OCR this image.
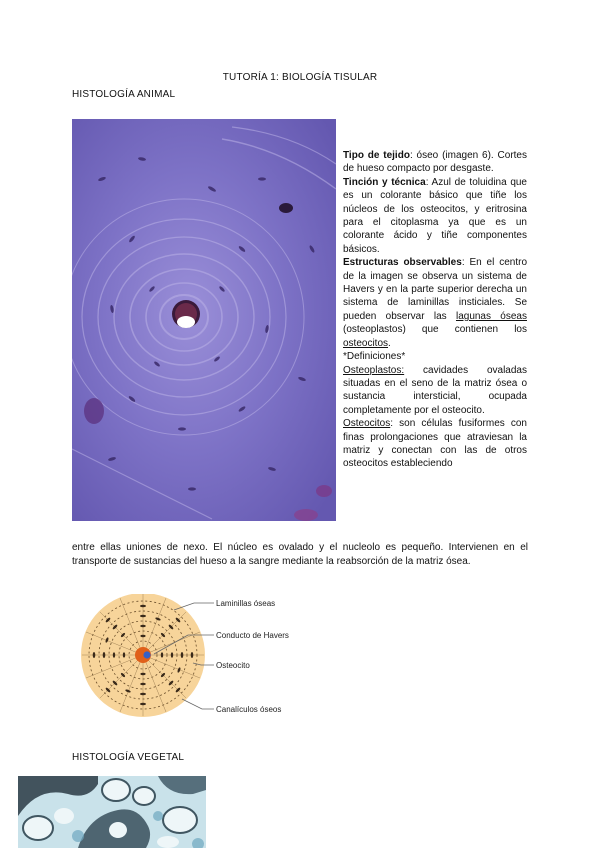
TUTORÍA 1: BIOLOGÍA TISULAR
HISTOLOGÍA ANIMAL

Tipo de tejido: óseo (imagen 6). Cortes de hueso compacto por desgaste.

Tinción y técnica: Azul de toluidina que es un colorante básico que tiñe los núcleos de los osteocitos, y eritrosina para el citoplasma ya que es un colorante ácido y tiñe componentes básicos.

Estructuras observables: En el centro de la imagen se observa un sistema de Havers y en la parte superior derecha un sistema de laminillas insticiales. Se pueden observar las lagunas óseas (osteoplastos) que contienen los osteocitos.

*Definiciones*

Osteoplastos: cavidades ovaladas situadas en el seno de la matriz ósea o sustancia intersticial, ocupada completamente por el osteocito.

Osteocitos: son células fusiformes con finas prolongaciones que atraviesan la matriz y conectan con las de otros osteocitos estableciendo

entre ellas uniones de nexo. El núcleo es ovalado y el nucleolo es pequeño. Intervienen en el transporte de sustancias del hueso a la sangre mediante la reabsorción de la matriz ósea.
Laminillas óseas
Conducto de Havers
Osteocito
Canalículos óseos
HISTOLOGÍA VEGETAL
